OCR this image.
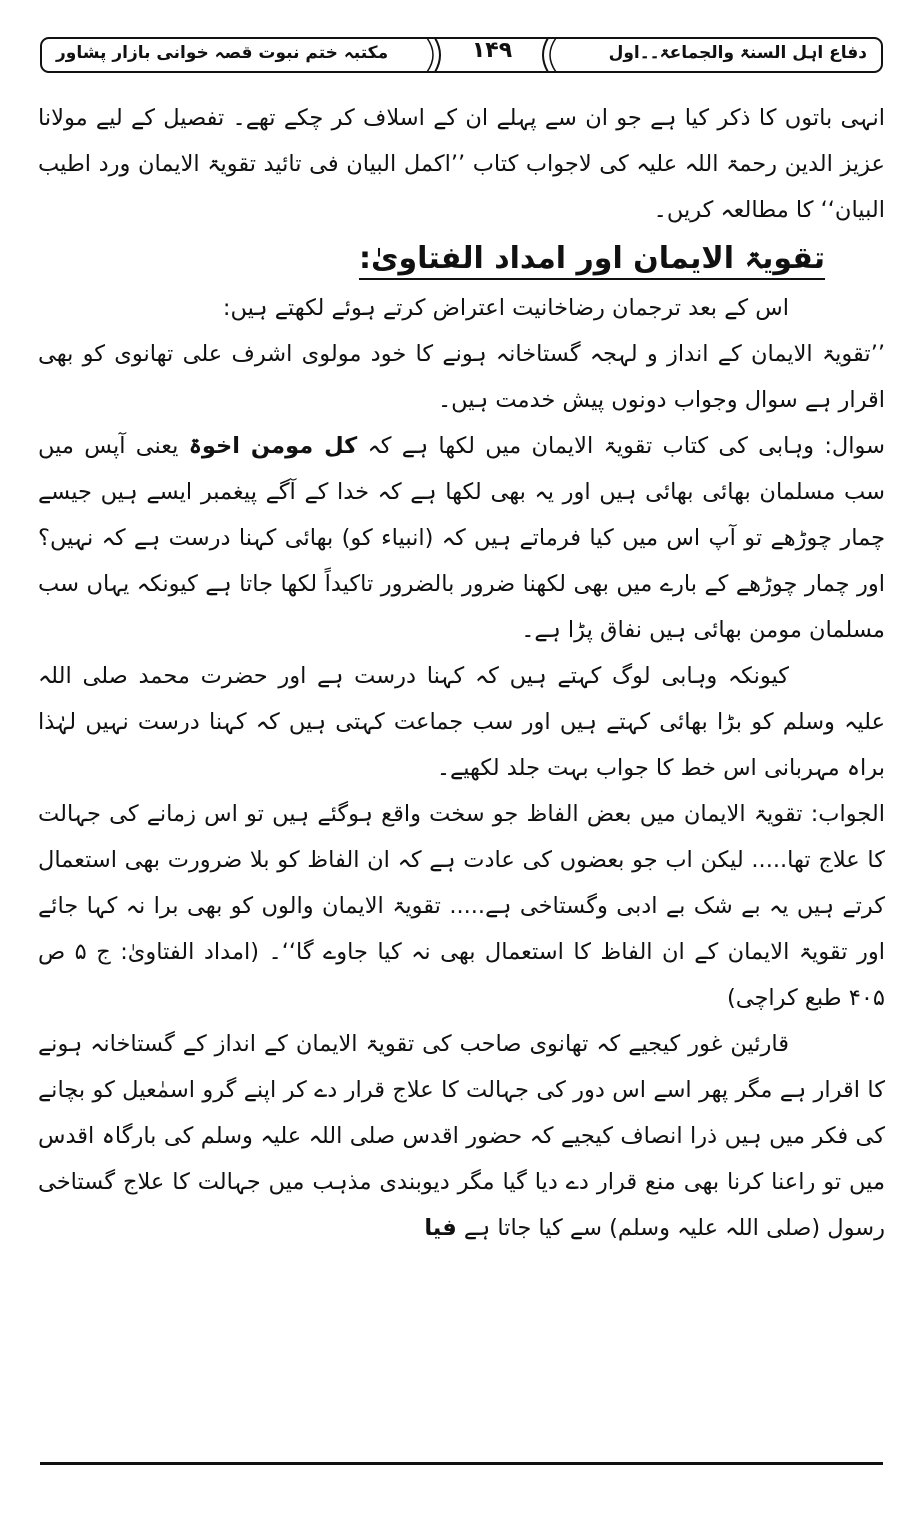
دفاع اہل السنۃ والجماعۃ۔۔اول
۱۴۹
مکتبہ ختم نبوت قصہ خوانی بازار پشاور

انہی باتوں کا ذکر کیا ہے جو ان سے پہلے ان کے اسلاف کر چکے تھے۔ تفصیل کے لیے مولانا عزیز الدین رحمۃ اللہ علیہ کی لاجواب کتاب ’’اکمل البیان فی تائید تقویۃ الایمان ورد اطیب البیان‘‘ کا مطالعہ کریں۔

تقویۃ الایمان اور امداد الفتاویٰ:

اس کے بعد ترجمان رضاخانیت اعتراض کرتے ہوئے لکھتے ہیں:

’’تقویۃ الایمان کے انداز و لہجہ گستاخانہ ہونے کا خود مولوی اشرف علی تھانوی کو بھی اقرار ہے سوال وجواب دونوں پیش خدمت ہیں۔

سوال: وہابی کی کتاب تقویۃ الایمان میں لکھا ہے کہ کل مومن اخوۃ یعنی آپس میں سب مسلمان بھائی بھائی ہیں اور یہ بھی لکھا ہے کہ خدا کے آگے پیغمبر ایسے ہیں جیسے چمار چوڑھے تو آپ اس میں کیا فرماتے ہیں کہ (انبیاء کو) بھائی کہنا درست ہے کہ نہیں؟ اور چمار چوڑھے کے بارے میں بھی لکھنا ضرور بالضرور تاکیداً لکھا جاتا ہے کیونکہ یہاں سب مسلمان مومن بھائی ہیں نفاق پڑا ہے۔

کیونکہ وہابی لوگ کہتے ہیں کہ کہنا درست ہے اور حضرت محمد صلی اللہ علیہ وسلم کو بڑا بھائی کہتے ہیں اور سب جماعت کہتی ہیں کہ کہنا درست نہیں لہٰذا براہ مہربانی اس خط کا جواب بہت جلد لکھیے۔

الجواب: تقویۃ الایمان میں بعض الفاظ جو سخت واقع ہوگئے ہیں تو اس زمانے کی جہالت کا علاج تھا..... لیکن اب جو بعضوں کی عادت ہے کہ ان الفاظ کو بلا ضرورت بھی استعمال کرتے ہیں یہ بے شک بے ادبی وگستاخی ہے..... تقویۃ الایمان والوں کو بھی برا نہ کہا جائے اور تقویۃ الایمان کے ان الفاظ کا استعمال بھی نہ کیا جاوے گا‘‘۔ (امداد الفتاویٰ: ج ۵ ص ۴۰۵ طبع کراچی)

قارئین غور کیجیے کہ تھانوی صاحب کی تقویۃ الایمان کے انداز کے گستاخانہ ہونے کا اقرار ہے مگر پھر اسے اس دور کی جہالت کا علاج قرار دے کر اپنے گرو اسمٰعیل کو بچانے کی فکر میں ہیں ذرا انصاف کیجیے کہ حضور اقدس صلی اللہ علیہ وسلم کی بارگاہ اقدس میں تو راعنا کرنا بھی منع قرار دے دیا گیا مگر دیوبندی مذہب میں جہالت کا علاج گستاخی رسول (صلی اللہ علیہ وسلم) سے کیا جاتا ہے فیا
